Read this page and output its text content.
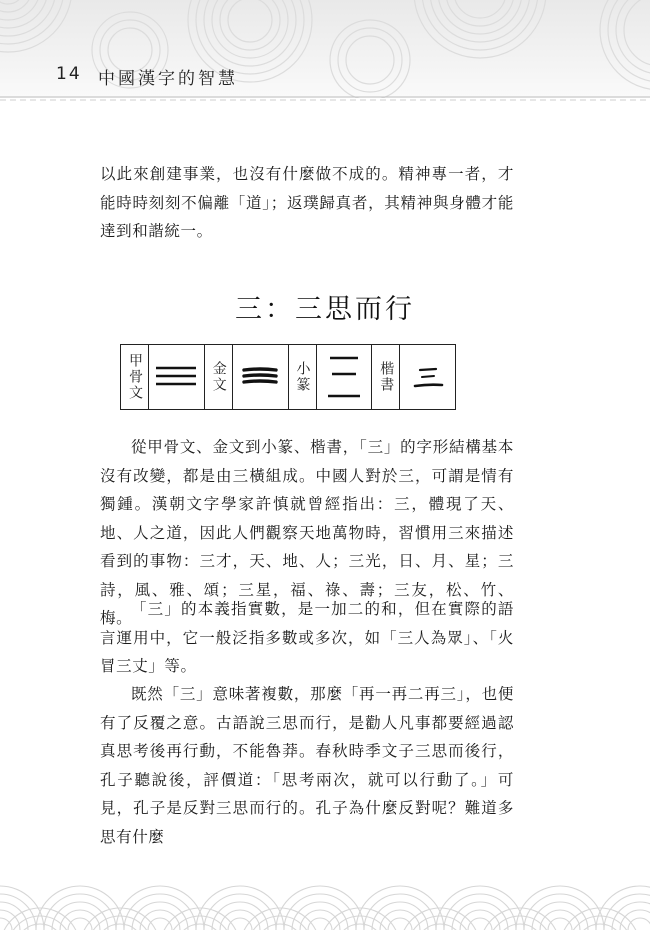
14 中國漢字的智慧

以此來創建事業，也沒有什麼做不成的。精神專一者，才能時時刻刻不偏離「道」；返璞歸真者，其精神與身體才能達到和諧統一。

三：三思而行
甲骨文	金文	小篆	楷書

從甲骨文、金文到小篆、楷書，「三」的字形結構基本沒有改變，都是由三橫組成。中國人對於三，可謂是情有獨鍾。漢朝文字學家許慎就曾經指出：三，體現了天、地、人之道，因此人們觀察天地萬物時，習慣用三來描述看到的事物：三才，天、地、人；三光，日、月、星；三詩，風、雅、頌；三星，福、祿、壽；三友，松、竹、梅。

「三」的本義指實數，是一加二的和，但在實際的語言運用中，它一般泛指多數或多次，如「三人為眾」、「火冒三丈」等。

既然「三」意味著複數，那麼「再一再二再三」，也便有了反覆之意。古語說三思而行，是勸人凡事都要經過認真思考後再行動，不能魯莽。春秋時季文子三思而後行，孔子聽說後，評價道：「思考兩次，就可以行動了。」可見，孔子是反對三思而行的。孔子為什麼反對呢？難道多思有什麼
